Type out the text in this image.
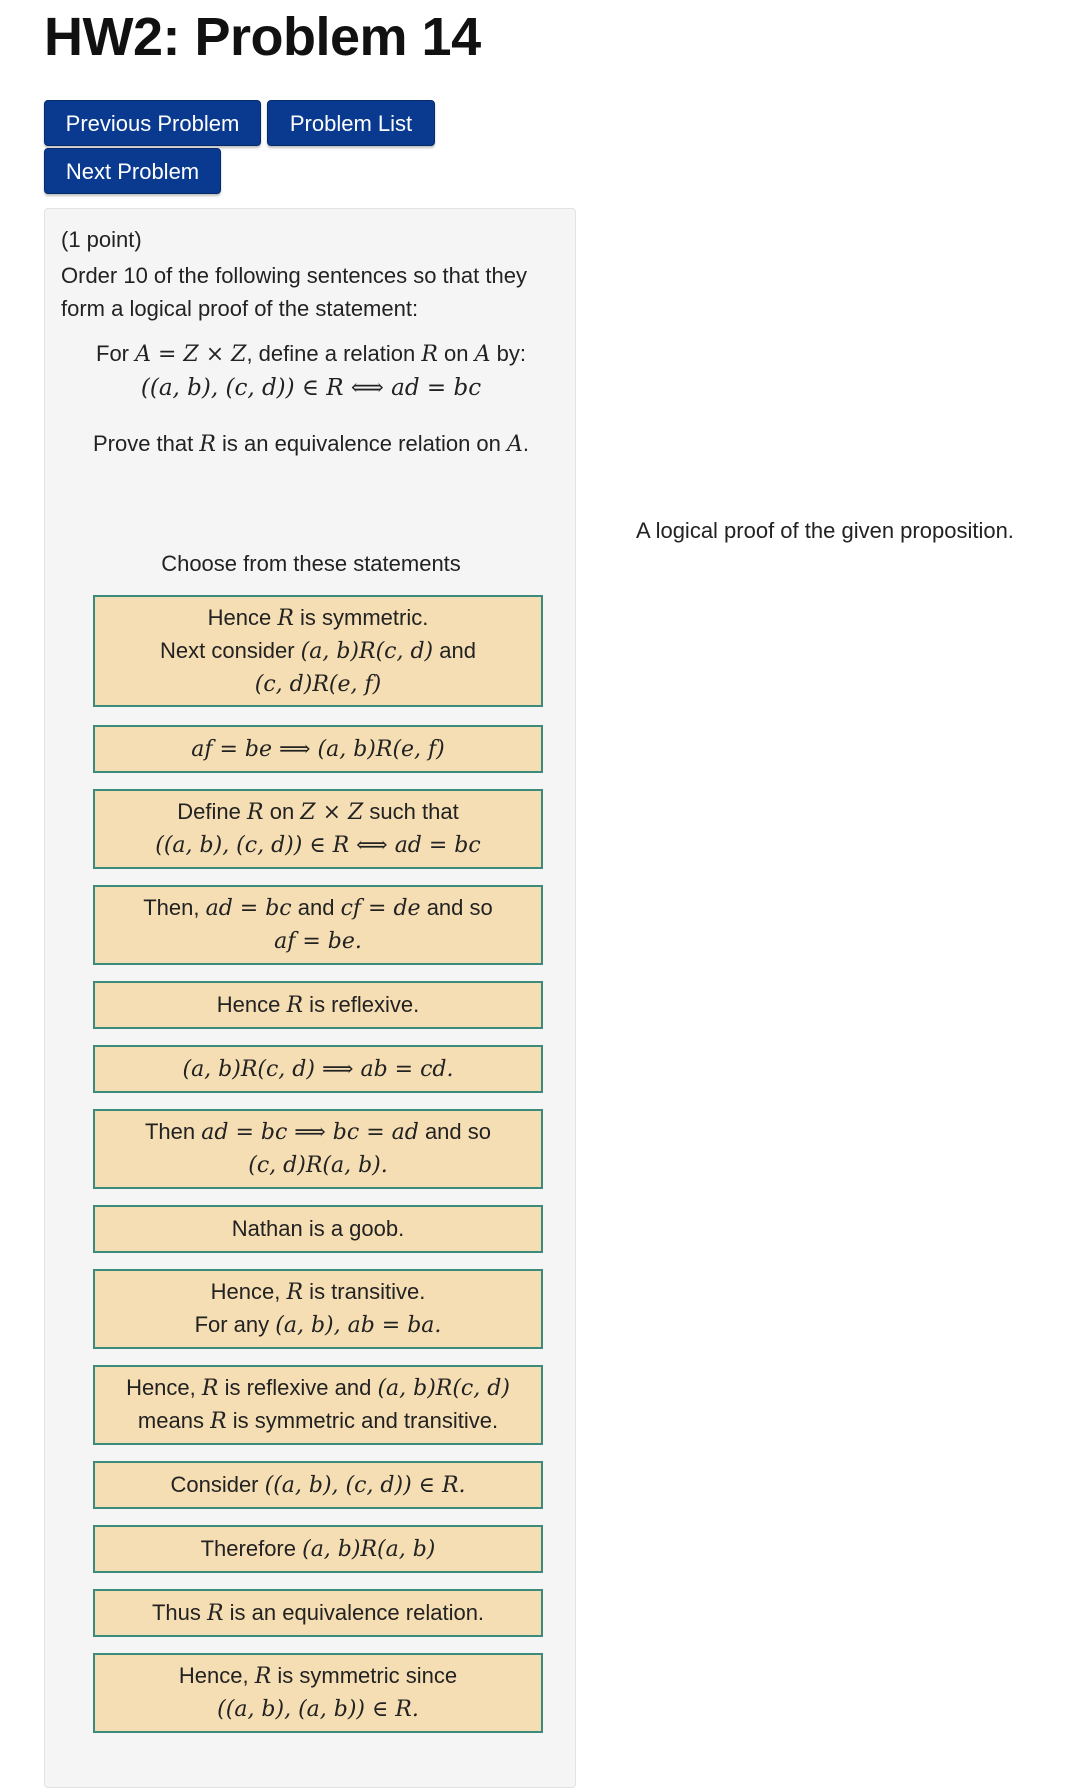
HW2: Problem 14
Previous Problem	Problem List
Next Problem
(1 point)
Order 10 of the following sentences so that they form a logical proof of the statement:
For A = Z × Z, define a relation R on A by:
((a, b), (c, d)) ∈ R ⟺ ad = bc
Prove that R is an equivalence relation on A.
Choose from these statements
Hence R is symmetric.
Next consider (a, b)R(c, d) and
(c, d)R(e, f)
af = be ⟹ (a, b)R(e, f)
Define R on Z × Z such that
((a, b), (c, d)) ∈ R ⟺ ad = bc
Then, ad = bc and cf = de and so
af = be.
Hence R is reflexive.
(a, b)R(c, d) ⟹ ab = cd.
Then ad = bc ⟹ bc = ad and so
(c, d)R(a, b).
Nathan is a goob.
Hence, R is transitive.
For any (a, b), ab = ba.
Hence, R is reflexive and (a, b)R(c, d)
means R is symmetric and transitive.
Consider ((a, b), (c, d)) ∈ R.
Therefore (a, b)R(a, b)
Thus R is an equivalence relation.
Hence, R is symmetric since
((a, b), (a, b)) ∈ R.
A logical proof of the given proposition.
